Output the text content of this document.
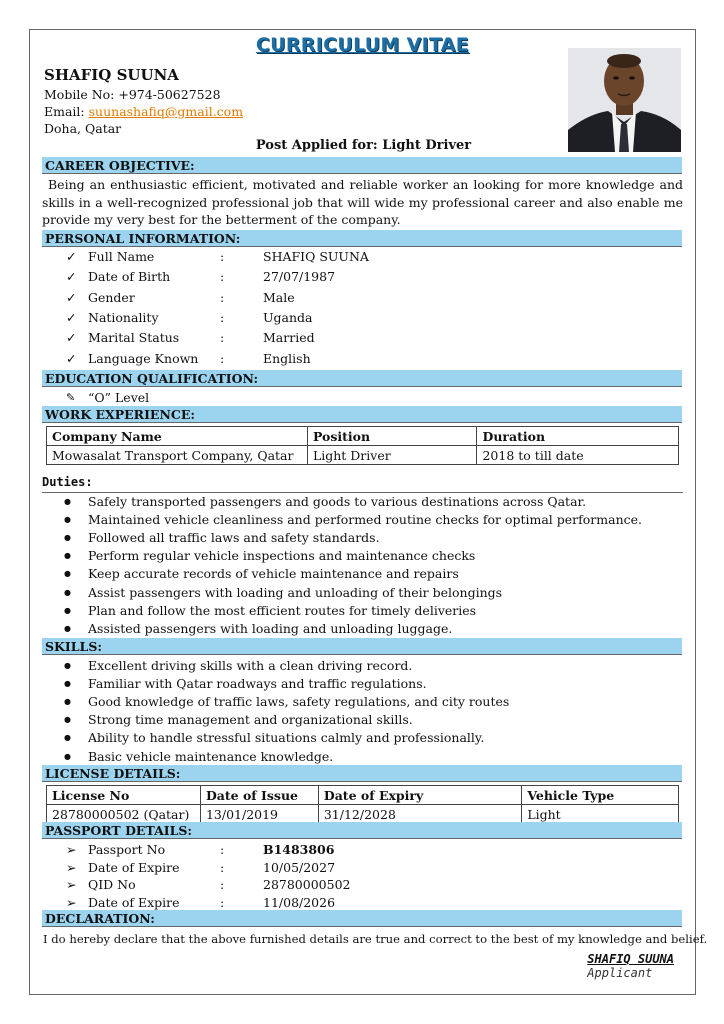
CURRICULUM VITAE
SHAFIQ SUUNA
Mobile No: +974-50627528
Email: suunashafiq@gmail.com
Doha, Qatar
Post Applied for: Light Driver
CAREER OBJECTIVE:
Being an enthusiastic efficient, motivated and reliable worker an looking for more knowledge and skills in a well-recognized professional job that will wide my professional career and also enable me provide my very best for the betterment of the company.
PERSONAL INFORMATION:
✓ Full Name	:	SHAFIQ SUUNA
✓ Date of Birth	:	27/07/1987
✓ Gender	:	Male
✓ Nationality	:	Uganda
✓ Marital Status	:	Married
✓ Language Known :	English
EDUCATION QUALIFICATION:
✎ “O” Level
WORK EXPERIENCE:
Company Name	Position	Duration
Mowasalat Transport Company, Qatar	Light Driver	2018 to till date
Duties:
● Safely transported passengers and goods to various destinations across Qatar.
● Maintained vehicle cleanliness and performed routine checks for optimal performance.
● Followed all traffic laws and safety standards.
● Perform regular vehicle inspections and maintenance checks
● Keep accurate records of vehicle maintenance and repairs
● Assist passengers with loading and unloading of their belongings
● Plan and follow the most efficient routes for timely deliveries
● Assisted passengers with loading and unloading luggage.
SKILLS:
● Excellent driving skills with a clean driving record.
● Familiar with Qatar roadways and traffic regulations.
● Good knowledge of traffic laws, safety regulations, and city routes
● Strong time management and organizational skills.
● Ability to handle stressful situations calmly and professionally.
● Basic vehicle maintenance knowledge.
LICENSE DETAILS:
License No	Date of Issue	Date of Expiry	Vehicle Type
28780000502 (Qatar)	13/01/2019	31/12/2028	Light
PASSPORT DETAILS:
➢ Passport No	:	B1483806
➢ Date of Expire	:	10/05/2027
➢ QID No	:	28780000502
➢ Date of Expire	:	11/08/2026
DECLARATION:
I do hereby declare that the above furnished details are true and correct to the best of my knowledge and belief.
SHAFIQ SUUNA
Applicant
